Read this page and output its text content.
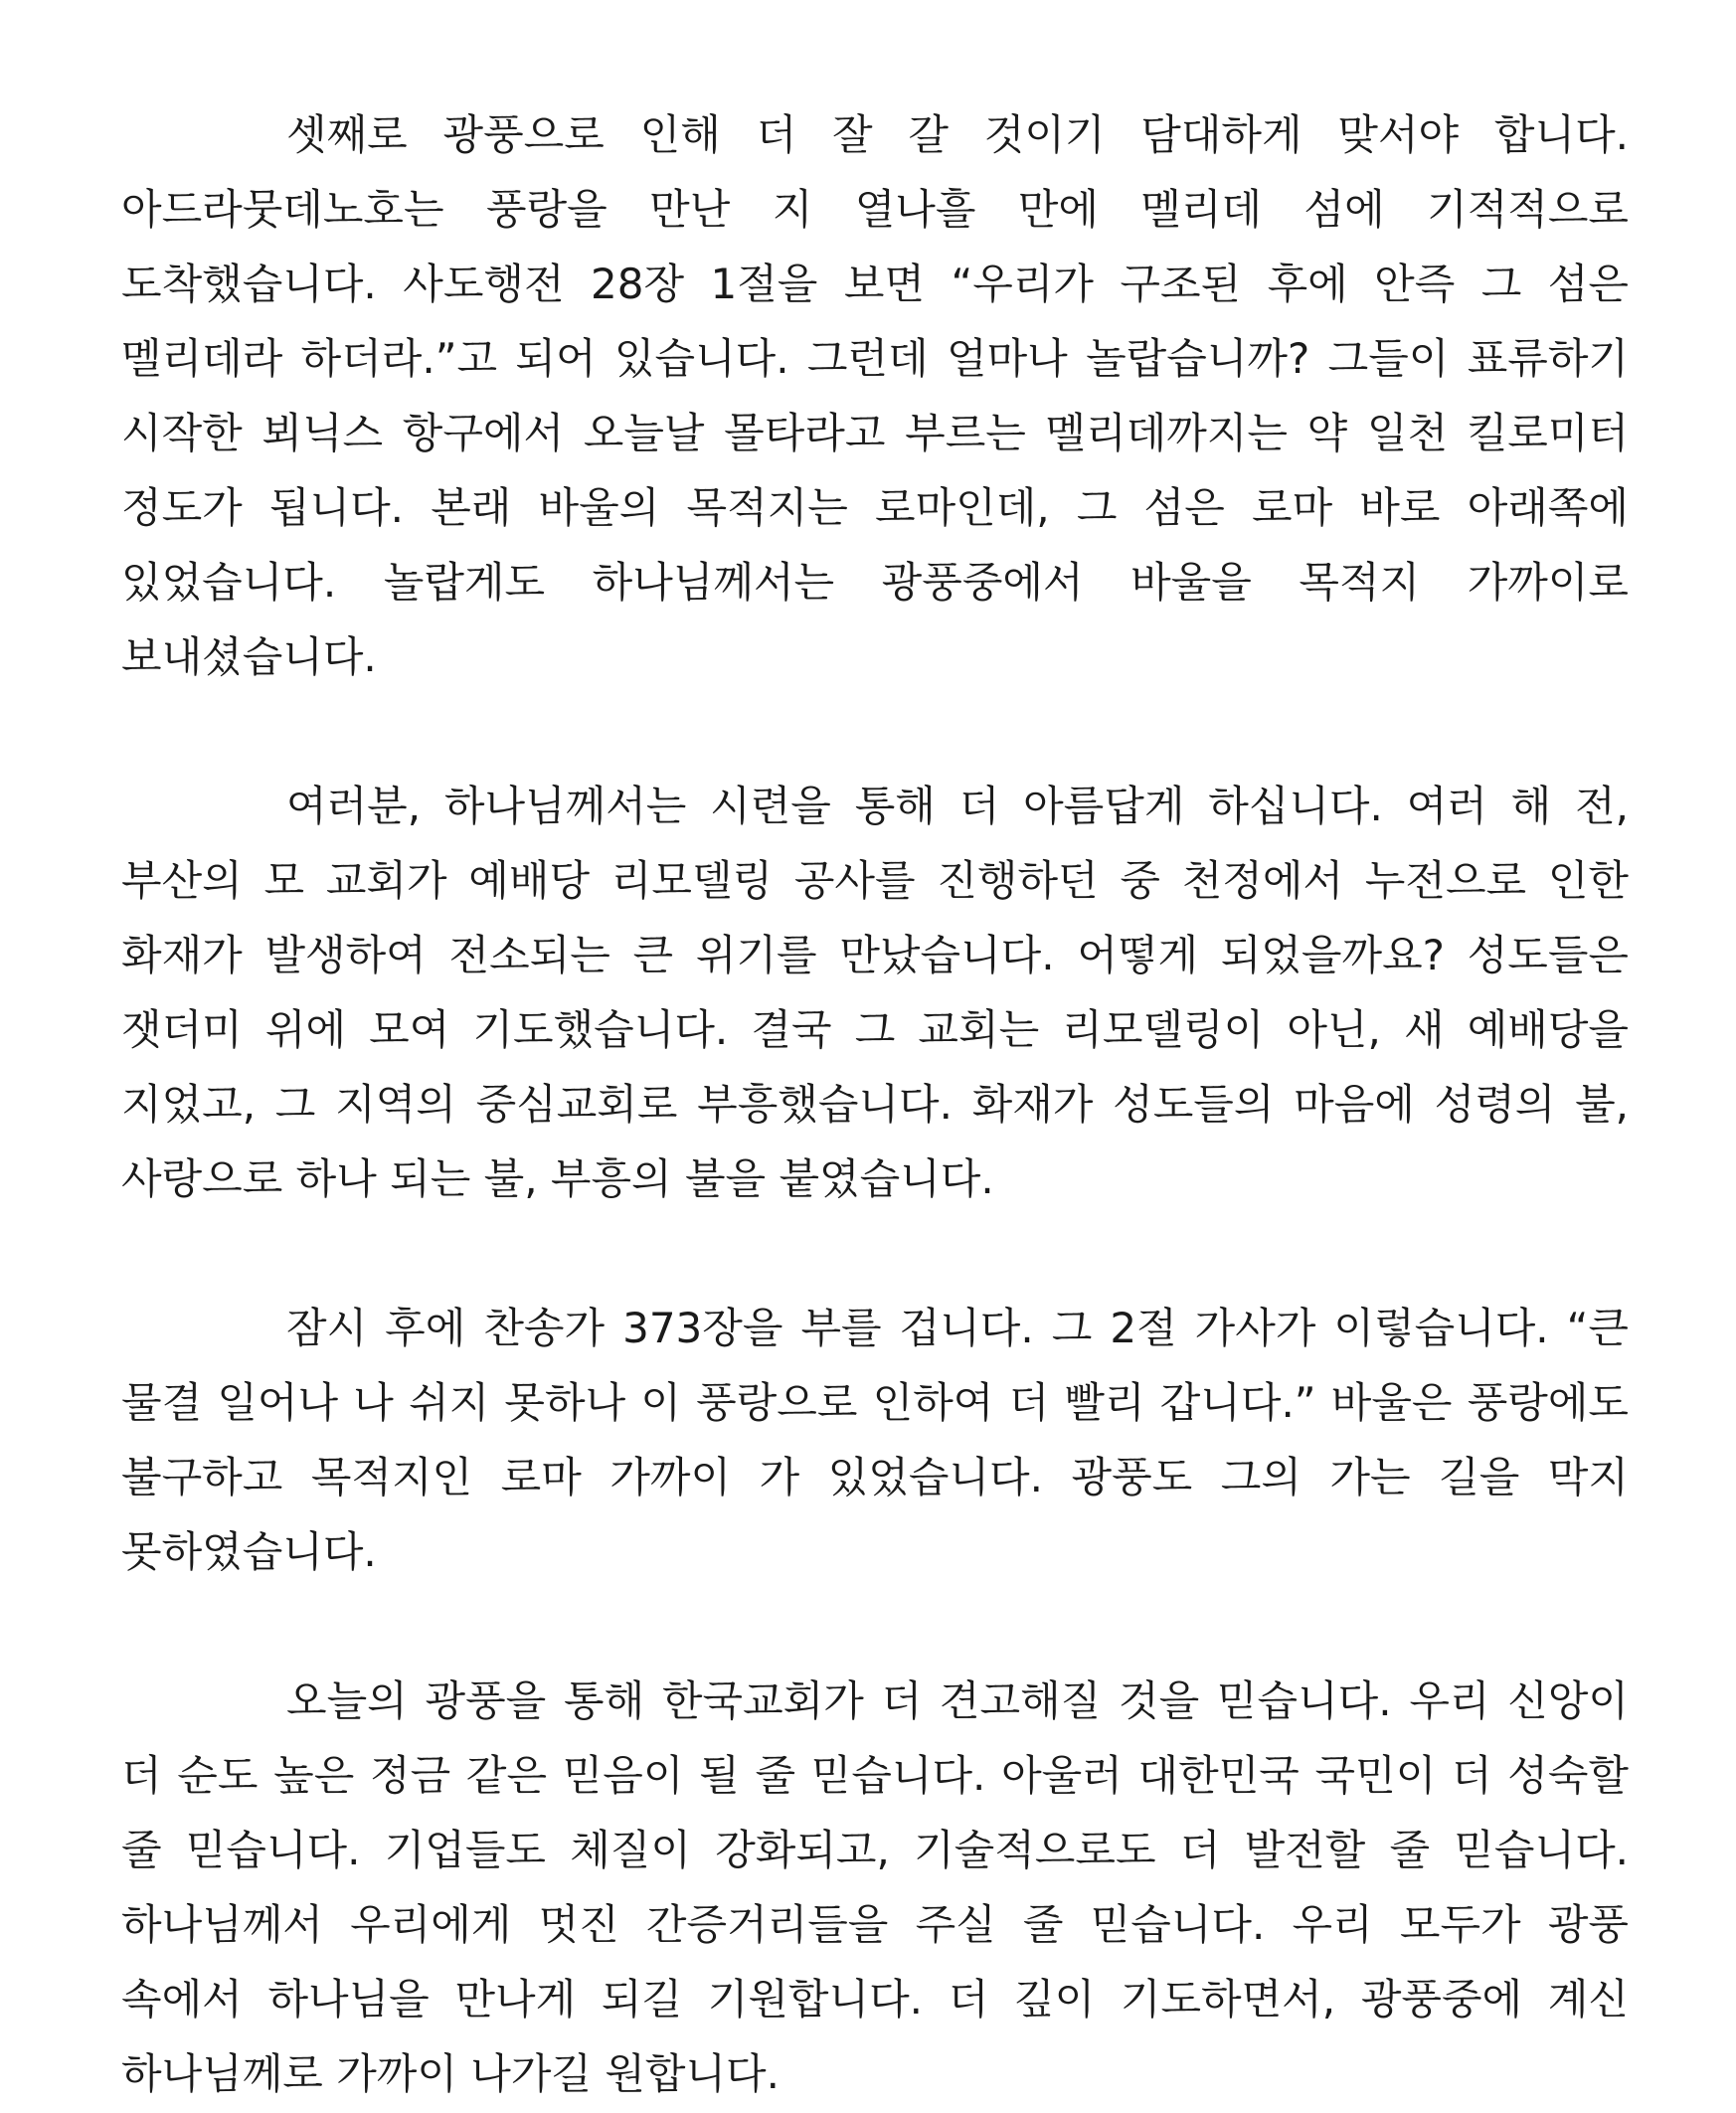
셋째로 광풍으로 인해 더 잘 갈 것이기 담대하게 맞서야 합니다. 아드라뭇데노호는 풍랑을 만난 지 열나흘 만에 멜리데 섬에 기적적으로 도착했습니다. 사도행전 28장 1절을 보면 “우리가 구조된 후에 안즉 그 섬은 멜리데라 하더라.”고 되어 있습니다. 그런데 얼마나 놀랍습니까? 그들이 표류하기 시작한 뵈닉스 항구에서 오늘날 몰타라고 부르는 멜리데까지는 약 일천 킬로미터 정도가 됩니다. 본래 바울의 목적지는 로마인데, 그 섬은 로마 바로 아래쪽에 있었습니다. 놀랍게도 하나님께서는 광풍중에서 바울을 목적지 가까이로 보내셨습니다.

여러분, 하나님께서는 시련을 통해 더 아름답게 하십니다. 여러 해 전, 부산의 모 교회가 예배당 리모델링 공사를 진행하던 중 천정에서 누전으로 인한 화재가 발생하여 전소되는 큰 위기를 만났습니다. 어떻게 되었을까요? 성도들은 잿더미 위에 모여 기도했습니다. 결국 그 교회는 리모델링이 아닌, 새 예배당을 지었고, 그 지역의 중심교회로 부흥했습니다. 화재가 성도들의 마음에 성령의 불, 사랑으로 하나 되는 불, 부흥의 불을 붙였습니다.

잠시 후에 찬송가 373장을 부를 겁니다. 그 2절 가사가 이렇습니다. “큰 물결 일어나 나 쉬지 못하나 이 풍랑으로 인하여 더 빨리 갑니다.” 바울은 풍랑에도 불구하고 목적지인 로마 가까이 가 있었습니다. 광풍도 그의 가는 길을 막지 못하였습니다.

오늘의 광풍을 통해 한국교회가 더 견고해질 것을 믿습니다. 우리 신앙이 더 순도 높은 정금 같은 믿음이 될 줄 믿습니다. 아울러 대한민국 국민이 더 성숙할 줄 믿습니다. 기업들도 체질이 강화되고, 기술적으로도 더 발전할 줄 믿습니다. 하나님께서 우리에게 멋진 간증거리들을 주실 줄 믿습니다. 우리 모두가 광풍 속에서 하나님을 만나게 되길 기원합니다. 더 깊이 기도하면서, 광풍중에 계신 하나님께로 가까이 나가길 원합니다.
